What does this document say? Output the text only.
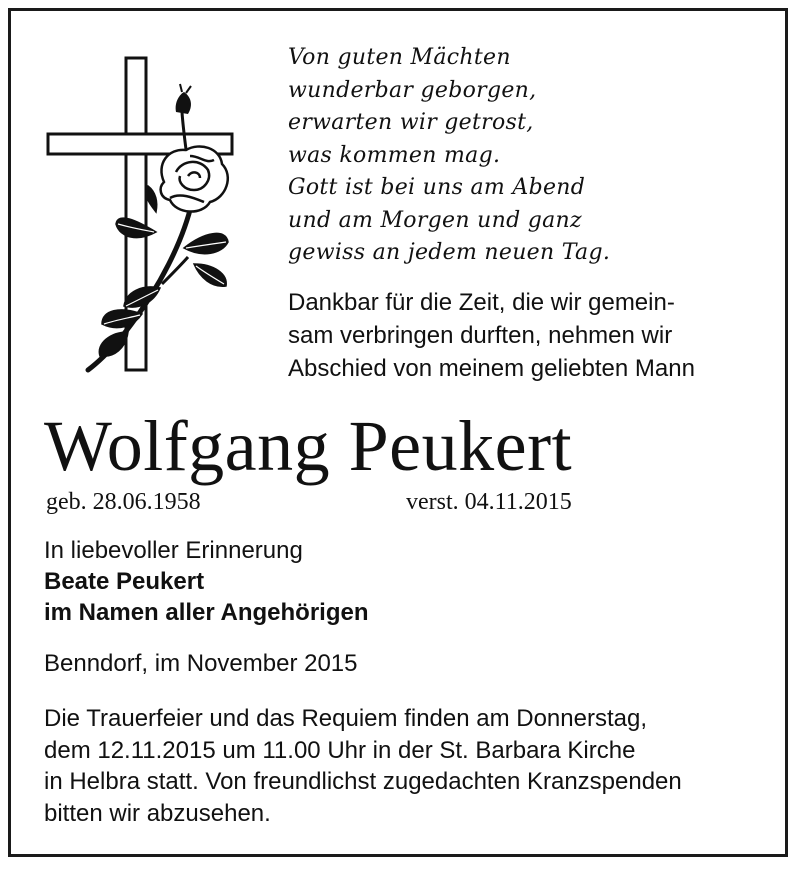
Von guten Mächten
wunderbar geborgen,
erwarten wir getrost,
was kommen mag.
Gott ist bei uns am Abend
und am Morgen und ganz
gewiss an jedem neuen Tag.
Dankbar für die Zeit, die wir gemein-
sam verbringen durften, nehmen wir
Abschied von meinem geliebten Mann
Wolfgang Peukert
geb. 28.06.1958	verst. 04.11.2015
In liebevoller Erinnerung
Beate Peukert
im Namen aller Angehörigen
Benndorf, im November 2015
Die Trauerfeier und das Requiem finden am Donnerstag,
dem 12.11.2015 um 11.00 Uhr in der St. Barbara Kirche
in Helbra statt. Von freundlichst zugedachten Kranzspenden
bitten wir abzusehen.
